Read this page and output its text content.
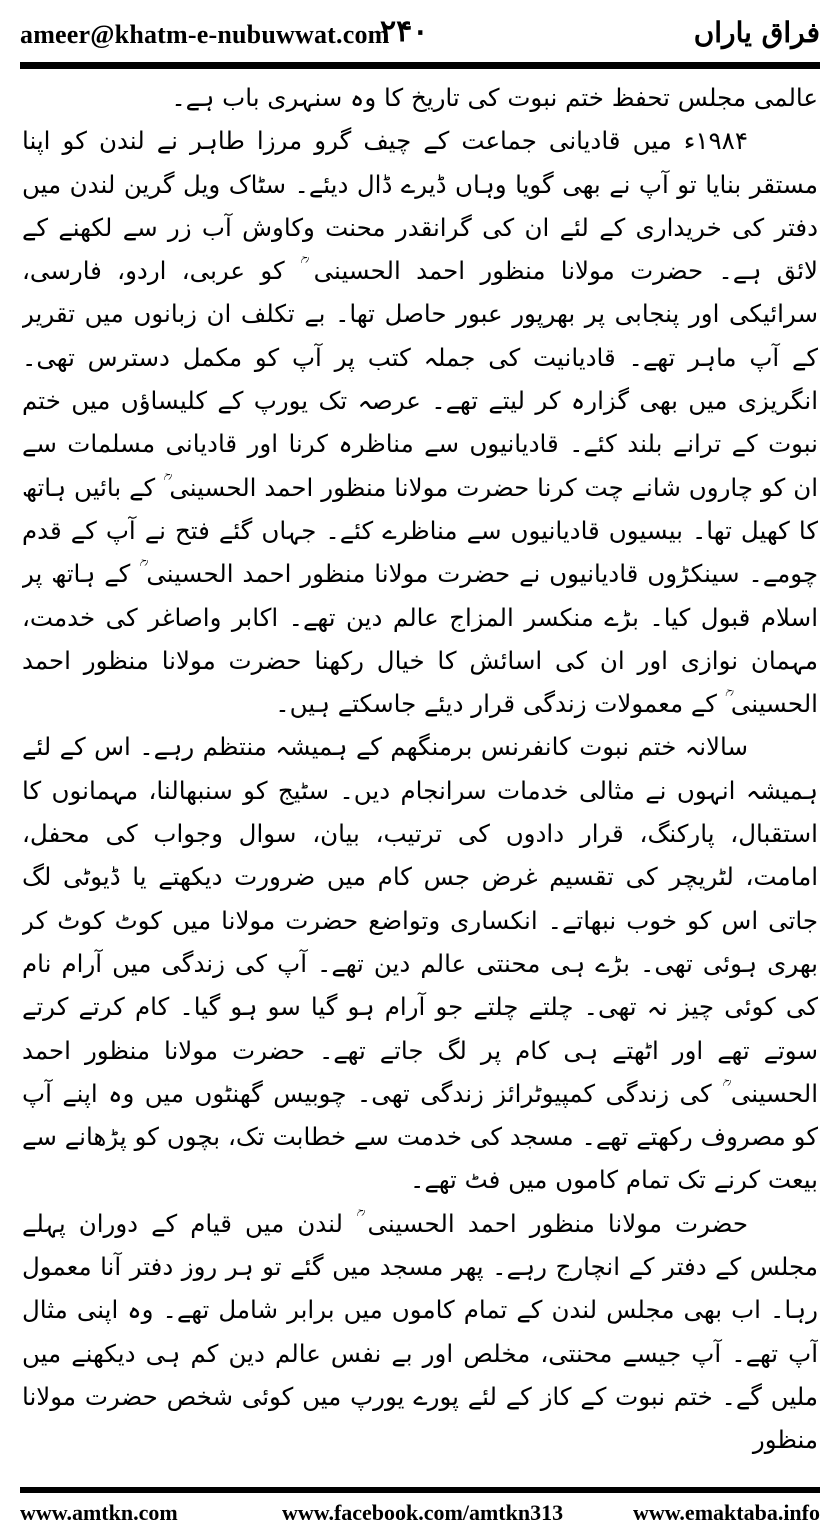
ameer@khatm-e-nubuwwat.com
۲۴۰	فراق یاراں

عالمی مجلس تحفظ ختم نبوت کی تاریخ کا وہ سنہری باب ہے۔

۱۹۸۴ء میں قادیانی جماعت کے چیف گرو مرزا طاہر نے لندن کو اپنا مستقر بنایا تو آپ نے بھی گویا وہاں ڈیرے ڈال دیئے۔ سٹاک ویل گرین لندن میں دفتر کی خریداری کے لئے ان کی گرانقدر محنت وکاوش آب زر سے لکھنے کے لائق ہے۔ حضرت مولانا منظور احمد الحسینی ؒ کو عربی، اردو، فارسی، سرائیکی اور پنجابی پر بھرپور عبور حاصل تھا۔ بے تکلف ان زبانوں میں تقریر کے آپ ماہر تھے۔ قادیانیت کی جملہ کتب پر آپ کو مکمل دسترس تھی۔ انگریزی میں بھی گزارہ کر لیتے تھے۔ عرصہ تک یورپ کے کلیساؤں میں ختم نبوت کے ترانے بلند کئے۔ قادیانیوں سے مناظرہ کرنا اور قادیانی مسلمات سے ان کو چاروں شانے چت کرنا حضرت مولانا منظور احمد الحسینی ؒ کے بائیں ہاتھ کا کھیل تھا۔ بیسیوں قادیانیوں سے مناظرے کئے۔ جہاں گئے فتح نے آپ کے قدم چومے۔ سینکڑوں قادیانیوں نے حضرت مولانا منظور احمد الحسینی ؒ کے ہاتھ پر اسلام قبول کیا۔ بڑے منکسر المزاج عالم دین تھے۔ اکابر واصاغر کی خدمت، مہمان نوازی اور ان کی اسائش کا خیال رکھنا حضرت مولانا منظور احمد الحسینی ؒ کے معمولات زندگی قرار دیئے جاسکتے ہیں۔

سالانہ ختم نبوت کانفرنس برمنگھم کے ہمیشہ منتظم رہے۔ اس کے لئے ہمیشہ انہوں نے مثالی خدمات سرانجام دیں۔ سٹیج کو سنبھالنا، مہمانوں کا استقبال، پارکنگ، قرار دادوں کی ترتیب، بیان، سوال وجواب کی محفل، امامت، لٹریچر کی تقسیم غرض جس کام میں ضرورت دیکھتے یا ڈیوٹی لگ جاتی اس کو خوب نبھاتے۔ انکساری وتواضع حضرت مولانا میں کوٹ کوٹ کر بھری ہوئی تھی۔ بڑے ہی محنتی عالم دین تھے۔ آپ کی زندگی میں آرام نام کی کوئی چیز نہ تھی۔ چلتے چلتے جو آرام ہو گیا سو ہو گیا۔ کام کرتے کرتے سوتے تھے اور اٹھتے ہی کام پر لگ جاتے تھے۔ حضرت مولانا منظور احمد الحسینی ؒ کی زندگی کمپیوٹرائز زندگی تھی۔ چوبیس گھنٹوں میں وہ اپنے آپ کو مصروف رکھتے تھے۔ مسجد کی خدمت سے خطابت تک، بچوں کو پڑھانے سے بیعت کرنے تک تمام کاموں میں فٹ تھے۔

حضرت مولانا منظور احمد الحسینی ؒ لندن میں قیام کے دوران پہلے مجلس کے دفتر کے انچارج رہے۔ پھر مسجد میں گئے تو ہر روز دفتر آنا معمول رہا۔ اب بھی مجلس لندن کے تمام کاموں میں برابر شامل تھے۔ وہ اپنی مثال آپ تھے۔ آپ جیسے محنتی، مخلص اور بے نفس عالم دین کم ہی دیکھنے میں ملیں گے۔ ختم نبوت کے کاز کے لئے پورے یورپ میں کوئی شخص حضرت مولانا منظور

www.amtkn.com	www.facebook.com/amtkn313	www.emaktaba.info
